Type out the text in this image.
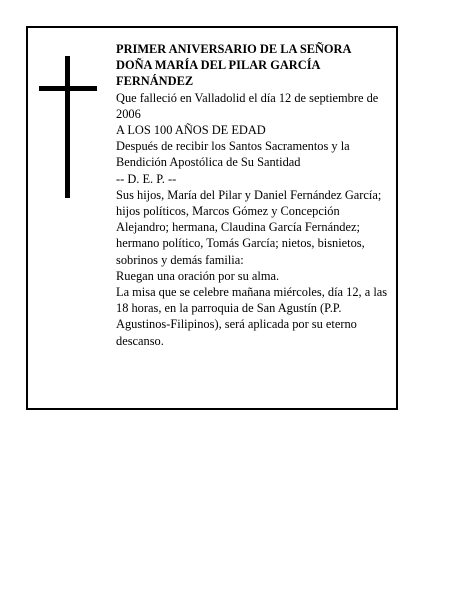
PRIMER ANIVERSARIO DE LA SEÑORA

DOÑA MARÍA DEL PILAR GARCÍA FERNÁNDEZ

Que falleció en Valladolid el día 12 de septiembre de 2006

A LOS 100 AÑOS DE EDAD

Después de recibir los Santos Sacramentos y la Bendición Apostólica de Su Santidad

-- D. E. P. --

Sus hijos, María del Pilar y Daniel Fernández García; hijos políticos, Marcos Gómez y Concepción Alejandro; hermana, Claudina García Fernández; hermano político, Tomás García; nietos, bisnietos, sobrinos y demás familia:

Ruegan una oración por su alma.

La misa que se celebre mañana miércoles, día 12, a las 18 horas, en la parroquia de San Agustín (P.P. Agustinos-Filipinos), será aplicada por su eterno descanso.
